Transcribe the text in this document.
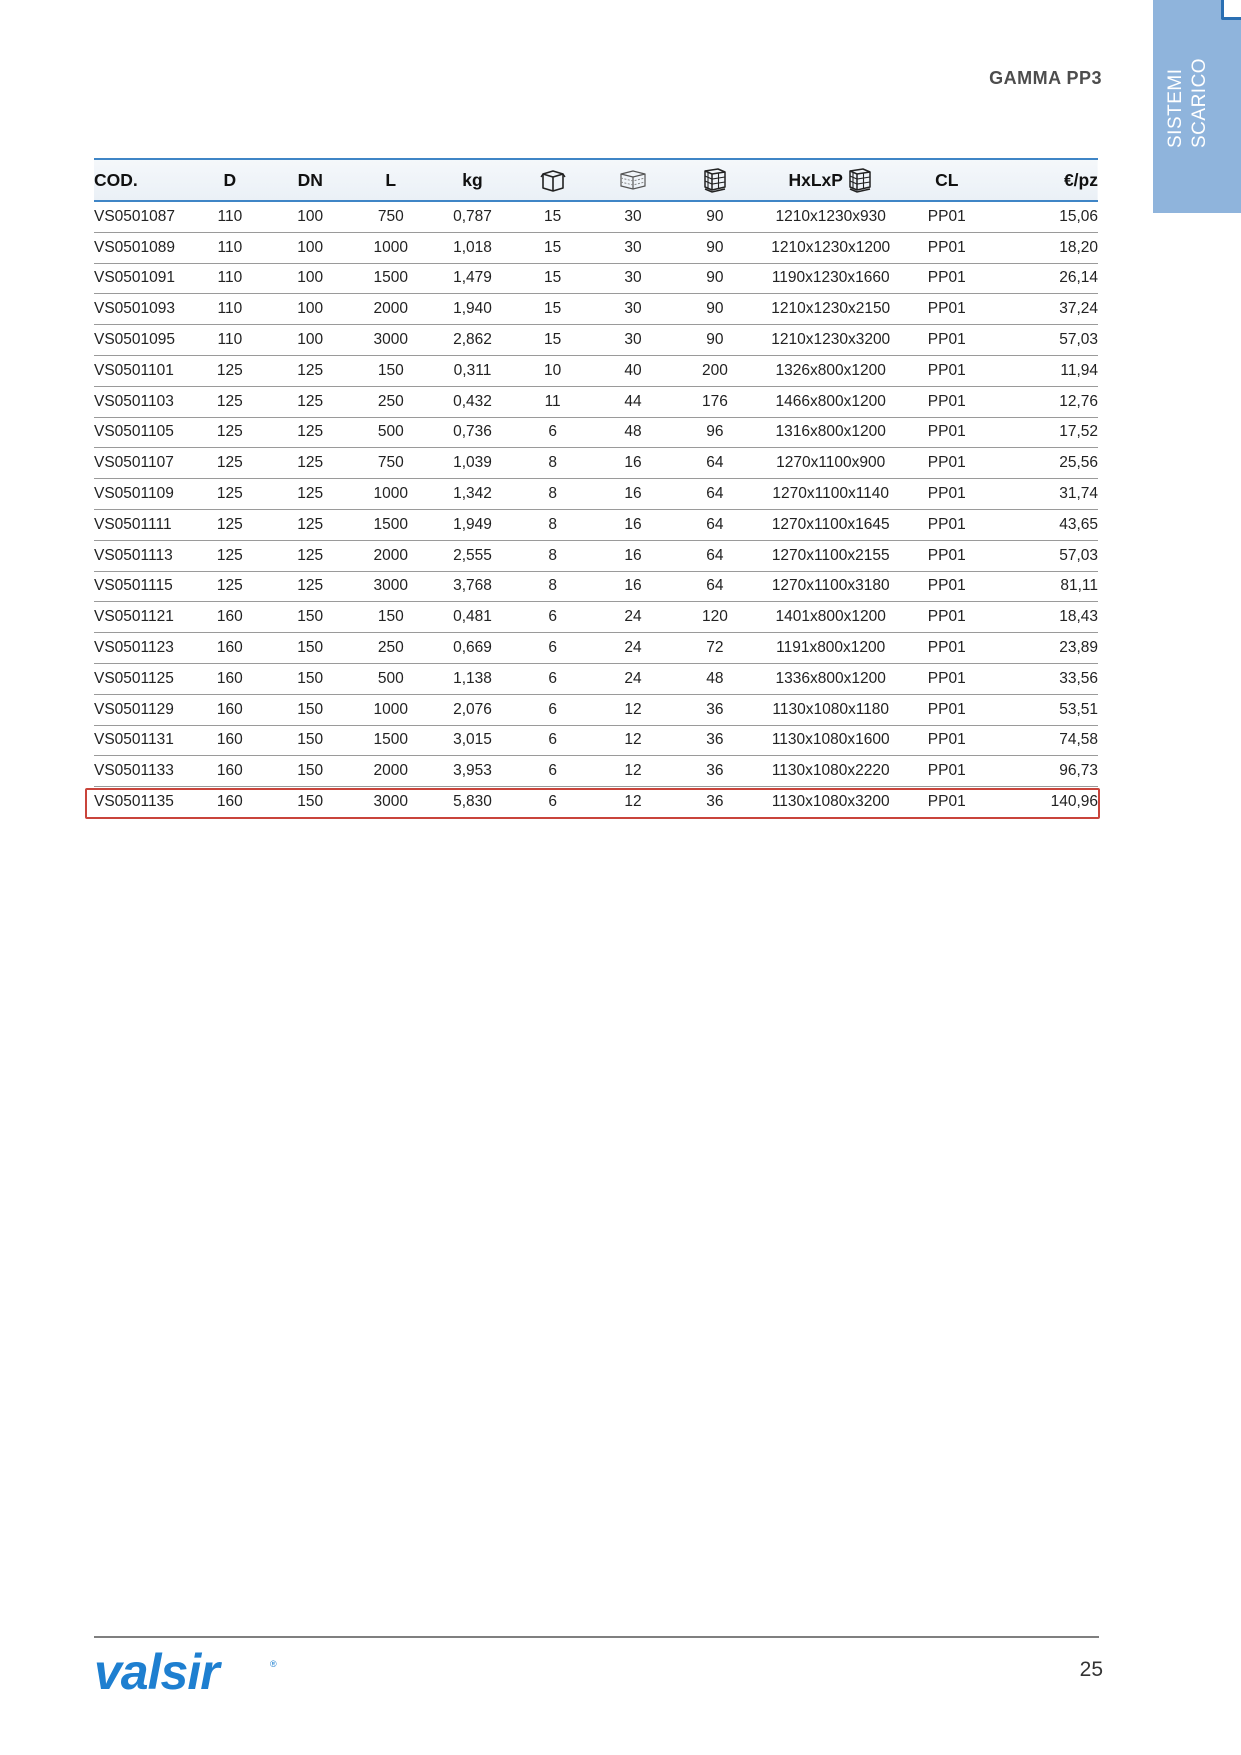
SISTEMI SCARICO
GAMMA PP3
COD.	D	DN	L	kg				HxLxP	CL	€/pz
VS0501087	110	100	750	0,787	15	30	90	1210x1230x930	PP01	15,06
VS0501089	110	100	1000	1,018	15	30	90	1210x1230x1200	PP01	18,20
VS0501091	110	100	1500	1,479	15	30	90	1190x1230x1660	PP01	26,14
VS0501093	110	100	2000	1,940	15	30	90	1210x1230x2150	PP01	37,24
VS0501095	110	100	3000	2,862	15	30	90	1210x1230x3200	PP01	57,03
VS0501101	125	125	150	0,311	10	40	200	1326x800x1200	PP01	11,94
VS0501103	125	125	250	0,432	11	44	176	1466x800x1200	PP01	12,76
VS0501105	125	125	500	0,736	6	48	96	1316x800x1200	PP01	17,52
VS0501107	125	125	750	1,039	8	16	64	1270x1100x900	PP01	25,56
VS0501109	125	125	1000	1,342	8	16	64	1270x1100x1140	PP01	31,74
VS0501111	125	125	1500	1,949	8	16	64	1270x1100x1645	PP01	43,65
VS0501113	125	125	2000	2,555	8	16	64	1270x1100x2155	PP01	57,03
VS0501115	125	125	3000	3,768	8	16	64	1270x1100x3180	PP01	81,11
VS0501121	160	150	150	0,481	6	24	120	1401x800x1200	PP01	18,43
VS0501123	160	150	250	0,669	6	24	72	1191x800x1200	PP01	23,89
VS0501125	160	150	500	1,138	6	24	48	1336x800x1200	PP01	33,56
VS0501129	160	150	1000	2,076	6	12	36	1130x1080x1180	PP01	53,51
VS0501131	160	150	1500	3,015	6	12	36	1130x1080x1600	PP01	74,58
VS0501133	160	150	2000	3,953	6	12	36	1130x1080x2220	PP01	96,73
VS0501135	160	150	3000	5,830	6	12	36	1130x1080x3200	PP01	140,96
valsir	®	25
